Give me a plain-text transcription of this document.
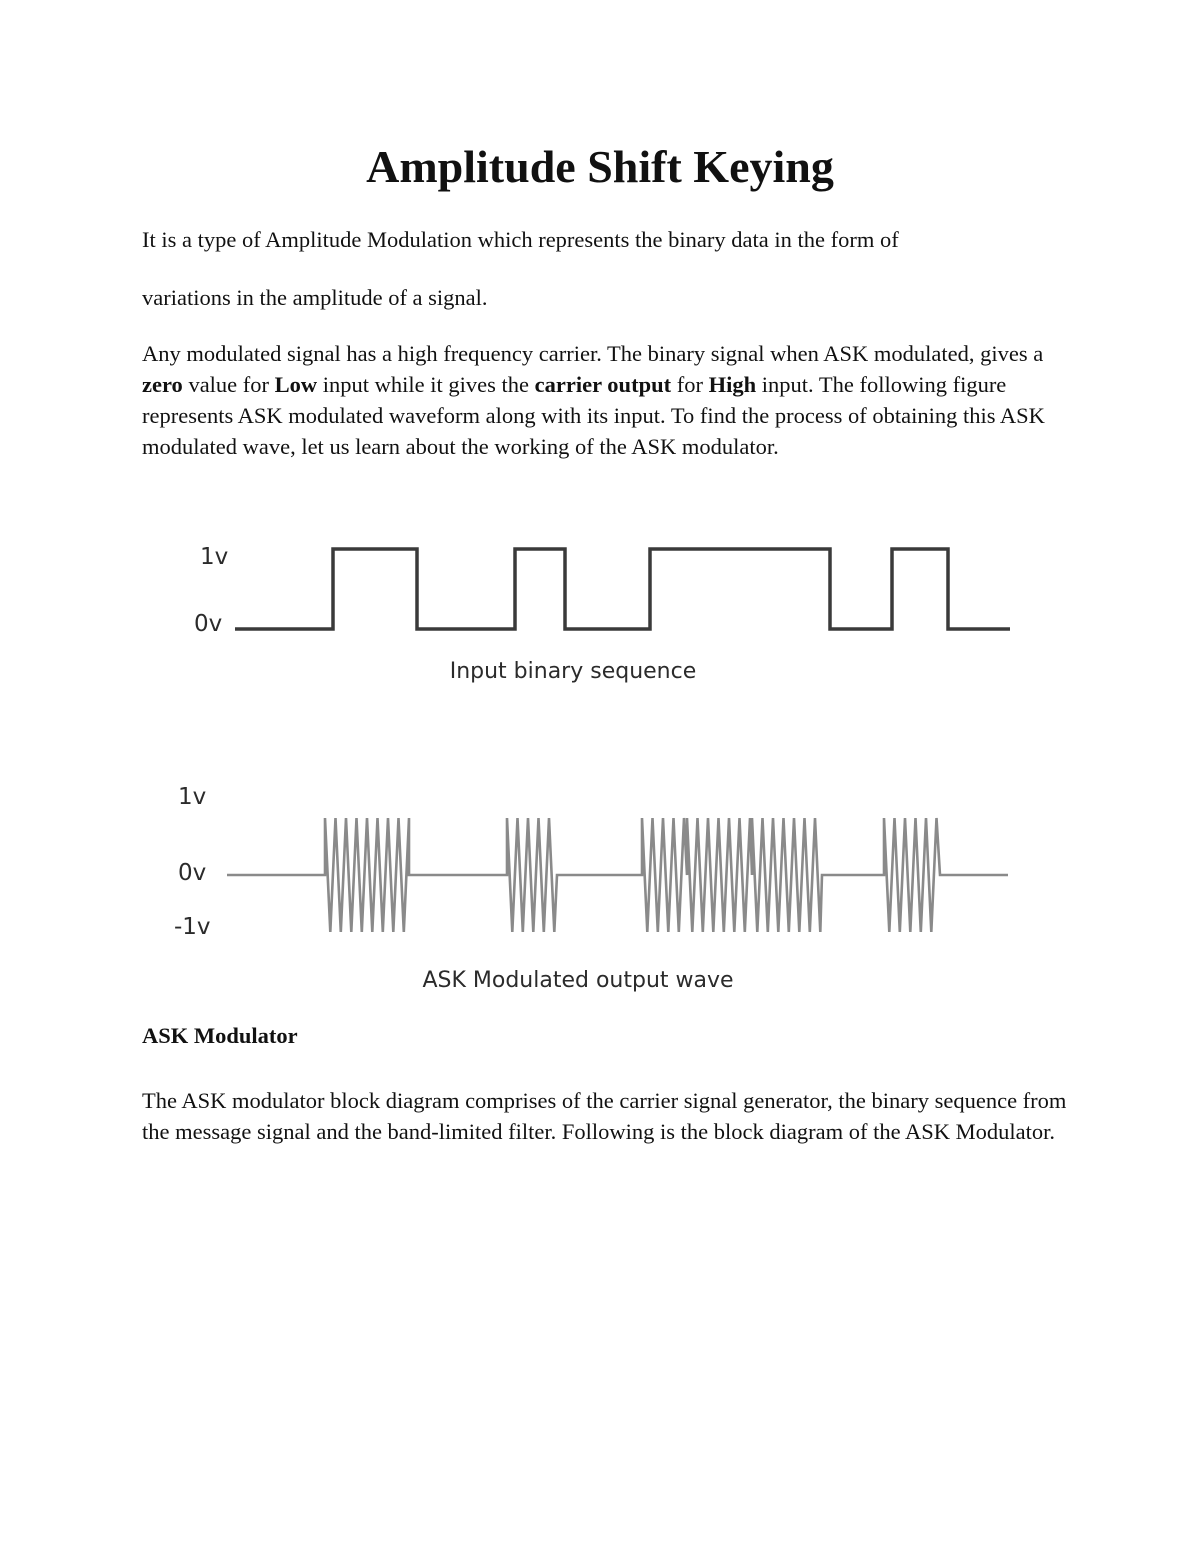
Amplitude Shift Keying

It is a type of Amplitude Modulation which represents the binary data in the form of

variations in the amplitude of a signal.

Any modulated signal has a high frequency carrier. The binary signal when ASK modulated, gives a zero value for Low input while it gives the carrier output for High input. The following figure represents ASK modulated waveform along with its input. To find the process of obtaining this ASK modulated wave, let us learn about the working of the ASK modulator.

1v
0v
Input binary sequence
1v
0v
-1v
ASK Modulated output wave

ASK Modulator

The ASK modulator block diagram comprises of the carrier signal generator, the binary sequence from the message signal and the band-limited filter. Following is the block diagram of the ASK Modulator.
